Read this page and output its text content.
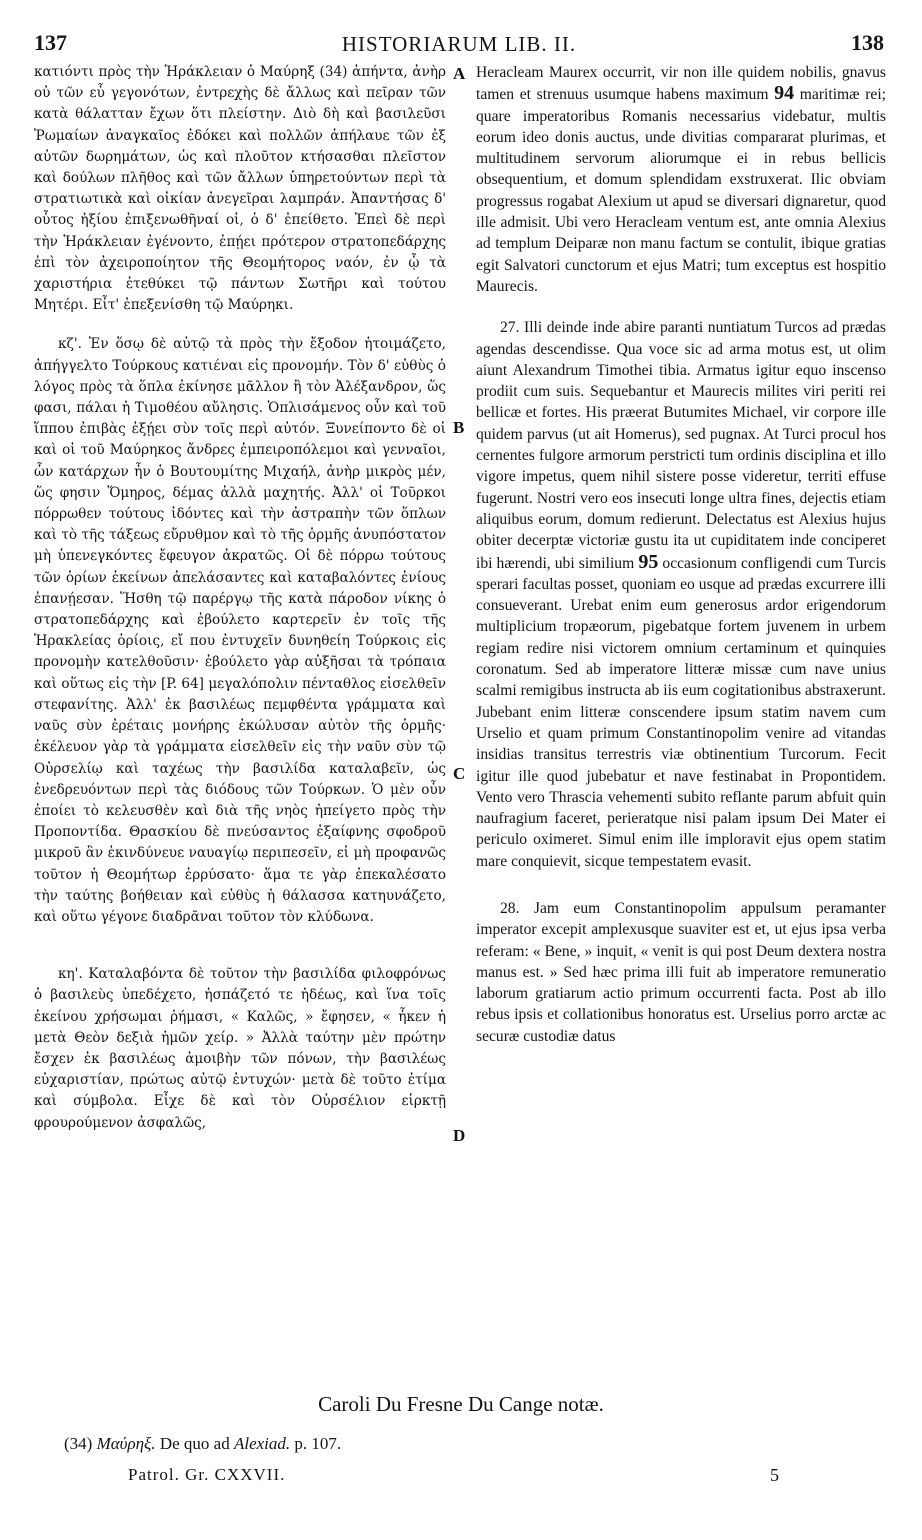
137	HISTORIARUM LIB. II.	138

κατιόντι πρὸς τὴν Ἡράκλειαν ὁ Μαύρηξ (34) ἀπήντα, ἀνὴρ οὐ τῶν εὖ γεγονότων, ἐντρεχὴς δὲ ἄλλως καὶ πεῖραν τῶν κατὰ θάλατταν ἔχων ὅτι πλείστην. Διὸ δὴ καὶ βασιλεῦσι Ῥωμαίων ἀναγκαῖος ἐδόκει καὶ πολλῶν ἀπήλαυε τῶν ἐξ αὐτῶν δωρημάτων, ὡς καὶ πλοῦτον κτήσασθαι πλεῖστον καὶ δούλων πλῆθος καὶ τῶν ἄλλων ὑπηρετούντων περὶ τὰ στρατιωτικὰ καὶ οἰκίαν ἀνεγεῖραι λαμπράν. Ἀπαντήσας δ' οὗτος ἠξίου ἐπιξενωθῆναί οἱ, ὁ δ' ἐπείθετο. Ἐπεὶ δὲ περὶ τὴν Ἡράκλειαν ἐγένοντο, ἐπῄει πρότερον στρατοπεδάρχης ἐπὶ τὸν ἀχειροποίητον τῆς Θεομήτορος ναόν, ἐν ᾧ τὰ χαριστήρια ἐτεθύκει τῷ πάντων Σωτῆρι καὶ τούτου Μητέρι. Εἶτ' ἐπεξενίσθη τῷ Μαύρηκι.

κζ'. Ἐν ὅσῳ δὲ αὐτῷ τὰ πρὸς τὴν ἔξοδον ἡτοιμάζετο, ἀπήγγελτο Τούρκους κατιέναι εἰς προνομήν. Τὸν δ' εὐθὺς ὁ λόγος πρὸς τὰ ὅπλα ἐκίνησε μᾶλλον ἢ τὸν Ἀλέξανδρον, ὥς φασι, πάλαι ἡ Τιμοθέου αὔλησις. Ὁπλισάμενος οὖν καὶ τοῦ ἵππου ἐπιβὰς ἐξῄει σὺν τοῖς περὶ αὐτόν. Ξυνείποντο δὲ οἱ καὶ οἱ τοῦ Μαύρηκος ἄνδρες ἐμπειροπόλεμοι καὶ γενναῖοι, ὧν κατάρχων ἦν ὁ Βουτουμίτης Μιχαήλ, ἀνὴρ μικρὸς μέν, ὥς φησιν Ὅμηρος, δέμας ἀλλὰ μαχητής. Ἀλλ' οἱ Τοῦρκοι πόρρωθεν τούτους ἰδόντες καὶ τὴν ἀστραπὴν τῶν ὅπλων καὶ τὸ τῆς τάξεως εὔρυθμον καὶ τὸ τῆς ὁρμῆς ἀνυπόστατον μὴ ὑπενεγκόντες ἔφευγον ἀκρατῶς. Οἱ δὲ πόρρω τούτους τῶν ὁρίων ἐκείνων ἀπελάσαντες καὶ καταβαλόντες ἐνίους ἐπανῄεσαν. Ἥσθη τῷ παρέργῳ τῆς κατὰ πάροδον νίκης ὁ στρατοπεδάρχης καὶ ἐβούλετο καρτερεῖν ἐν τοῖς τῆς Ἡρακλείας ὁρίοις, εἴ που ἐντυχεῖν δυνηθείη Τούρκοις εἰς προνομὴν κατελθοῦσιν· ἐβούλετο γὰρ αὐξῆσαι τὰ τρόπαια καὶ οὕτως εἰς τὴν [P. 64] μεγαλόπολιν πένταθλος εἰσελθεῖν στεφανίτης. Ἀλλ' ἐκ βασιλέως πεμφθέντα γράμματα καὶ ναῦς σὺν ἐρέταις μονήρης ἐκώλυσαν αὐτὸν τῆς ὁρμῆς· ἐκέλευον γὰρ τὰ γράμματα εἰσελθεῖν εἰς τὴν ναῦν σὺν τῷ Οὐρσελίῳ καὶ ταχέως τὴν βασιλίδα καταλαβεῖν, ὡς ἐνεδρευόντων περὶ τὰς διόδους τῶν Τούρκων. Ὁ μὲν οὖν ἐποίει τὸ κελευσθὲν καὶ διὰ τῆς νηὸς ἠπείγετο πρὸς τὴν Προποντίδα. Θρασκίου δὲ πνεύσαντος ἐξαίφνης σφοδροῦ μικροῦ ἂν ἐκινδύνευε ναυαγίῳ περιπεσεῖν, εἰ μὴ προφανῶς τοῦτον ἡ Θεομήτωρ ἐρρύσατο· ἅμα τε γὰρ ἐπεκαλέσατο τὴν ταύτης βοήθειαν καὶ εὐθὺς ἡ θάλασσα κατηυνάζετο, καὶ οὕτω γέγονε διαδρᾶναι τοῦτον τὸν κλύδωνα.

κη'. Καταλαβόντα δὲ τοῦτον τὴν βασιλίδα φιλοφρόνως ὁ βασιλεὺς ὑπεδέχετο, ἠσπάζετό τε ἡδέως, καὶ ἵνα τοῖς ἐκείνου χρήσωμαι ῥήμασι, « Καλῶς, » ἔφησεν, « ἧκεν ἡ μετὰ Θεὸν δεξιὰ ἡμῶν χείρ. » Ἀλλὰ ταύτην μὲν πρώτην ἔσχεν ἐκ βασιλέως ἀμοιβὴν τῶν πόνων, τὴν βασιλέως εὐχαριστίαν, πρώτως αὐτῷ ἐντυχών· μετὰ δὲ τοῦτο ἐτίμα καὶ σύμβολα. Εἶχε δὲ καὶ τὸν Οὐρσέλιον εἱρκτῇ φρουρούμενον ἀσφαλῶς,

Heracleam Maurex occurrit, vir non ille quidem nobilis, gnavus tamen et strenuus usumque habens maximum 94 maritimæ rei; quare imperatoribus Romanis necessarius videbatur, multis eorum ideo donis auctus, unde divitias compararat plurimas, et multitudinem servorum aliorumque ei in rebus bellicis obsequentium, et domum splendidam exstruxerat. Ilic obviam progressus rogabat Alexium ut apud se diversari dignaretur, quod ille admisit. Ubi vero Heracleam ventum est, ante omnia Alexius ad templum Deiparæ non manu factum se contulit, ibique gratias egit Salvatori cunctorum et ejus Matri; tum exceptus est hospitio Maurecis.

27. Illi deinde inde abire paranti nuntiatum Turcos ad prædas agendas descendisse. Qua voce sic ad arma motus est, ut olim aiunt Alexandrum Timothei tibia. Armatus igitur equo inscenso prodiit cum suis. Sequebantur et Maurecis milites viri periti rei bellicæ et fortes. His præerat Butumites Michael, vir corpore ille quidem parvus (ut ait Homerus), sed pugnax. At Turci procul hos cernentes fulgore armorum perstricti tum ordinis disciplina et illo vigore impetus, quem nihil sistere posse videretur, territi effuse fugerunt. Nostri vero eos insecuti longe ultra fines, dejectis etiam aliquibus eorum, domum redierunt. Delectatus est Alexius hujus obiter decerptæ victoriæ gustu ita ut cupiditatem inde conciperet ibi hærendi, ubi similium 95 occasionum confligendi cum Turcis sperari facultas posset, quoniam eo usque ad prædas excurrere illi consueverant. Urebat enim eum generosus ardor erigendorum multiplicium tropæorum, pigebatque fortem juvenem in urbem regiam redire nisi victorem omnium certaminum et quinquies coronatum. Sed ab imperatore litteræ missæ cum nave unius scalmi remigibus instructa ab iis eum cogitationibus abstraxerunt. Jubebant enim litteræ conscendere ipsum statim navem cum Urselio et quam primum Constantinopolim venire ad vitandas insidias transitus terrestris viæ obtinentium Turcorum. Fecit igitur ille quod jubebatur et nave festinabat in Propontidem. Vento vero Thrascia vehementi subito reflante parum abfuit quin naufragium faceret, perieratque nisi palam ipsum Dei Mater ei periculo oximeret. Simul enim ille imploravit ejus opem statim mare conquievit, sicque tempestatem evasit.

28. Jam eum Constantinopolim appulsum peramanter imperator excepit amplexusque suaviter est et, ut ejus ipsa verba referam: « Bene, » inquit, « venit is qui post Deum dextera nostra manus est. » Sed hæc prima illi fuit ab imperatore remuneratio laborum gratiarum actio primum occurrenti facta. Post ab illo rebus ipsis et collationibus honoratus est. Urselius porro arctæ ac securæ custodiæ datus

A
B
C
D
Caroli Du Fresne Du Cange notæ.
(34) Μαύρηξ. De quo ad Alexiad. p. 107.
Patrol. Gr. CXXVII.	5
